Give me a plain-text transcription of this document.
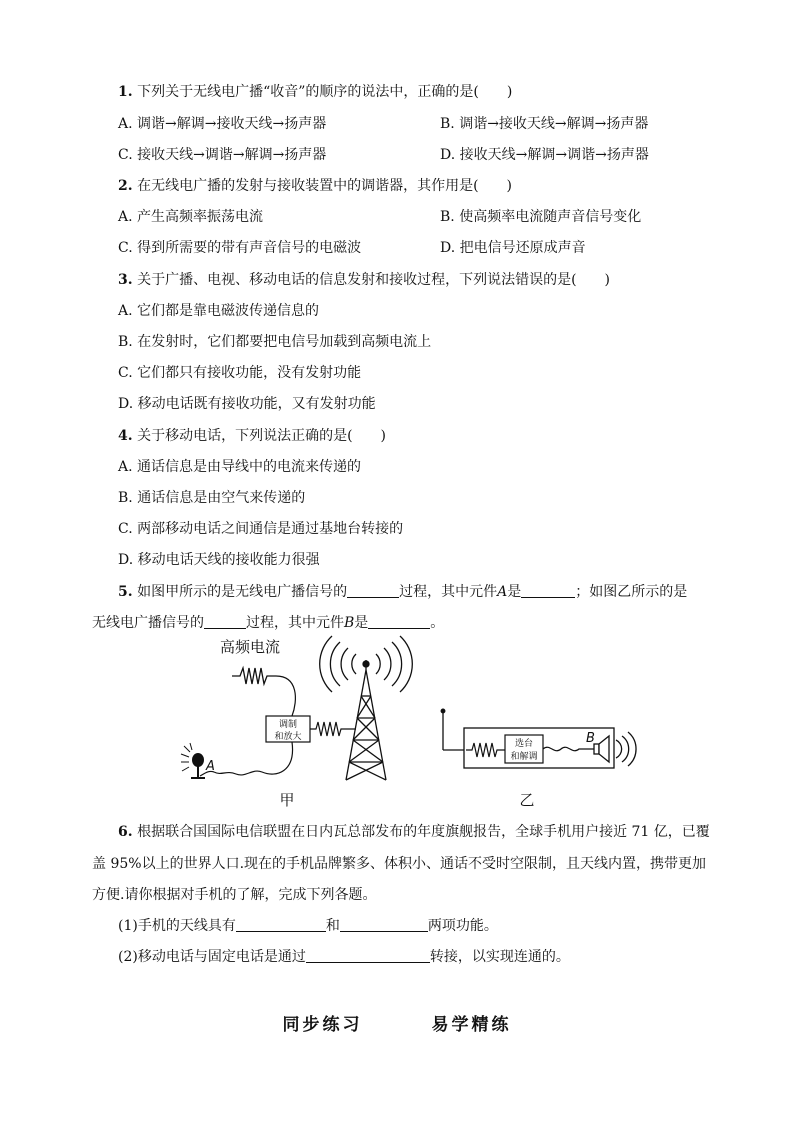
1. 下列关于无线电广播“收音”的顺序的说法中，正确的是(　　)
A. 调谐→解调→接收天线→扬声器	B. 调谐→接收天线→解调→扬声器
C. 接收天线→调谐→解调→扬声器	D. 接收天线→解调→调谐→扬声器
2. 在无线电广播的发射与接收装置中的调谐器，其作用是(　　)
A. 产生高频率振荡电流	B. 使高频率电流随声音信号变化
C. 得到所需要的带有声音信号的电磁波	D. 把电信号还原成声音
3. 关于广播、电视、移动电话的信息发射和接收过程，下列说法错误的是(　　)
A. 它们都是靠电磁波传递信息的
B. 在发射时，它们都要把电信号加载到高频电流上
C. 它们都只有接收功能，没有发射功能
D. 移动电话既有接收功能，又有发射功能
4. 关于移动电话，下列说法正确的是(　　)
A. 通话信息是由导线中的电流来传递的
B. 通话信息是由空气来传递的
C. 两部移动电话之间通信是通过基地台转接的
D. 移动电话天线的接收能力很强
5. 如图甲所示的是无线电广播信号的	过程，其中元件A是	；如图乙所示的是
无线电广播信号的	过程，其中元件B是	。
高频电流
调制
和放大
A
甲
选台
和解调
B
乙
6. 根据联合国国际电信联盟在日内瓦总部发布的年度旗舰报告，全球手机用户接近 71 亿，已覆
盖 95%以上的世界人口.现在的手机品牌繁多、体积小、通话不受时空限制，且天线内置，携带更加
方便.请你根据对手机的了解，完成下列各题。
(1)手机的天线具有	和	两项功能。
(2)移动电话与固定电话是通过	转接，以实现连通的。
同步练习	易学精练
